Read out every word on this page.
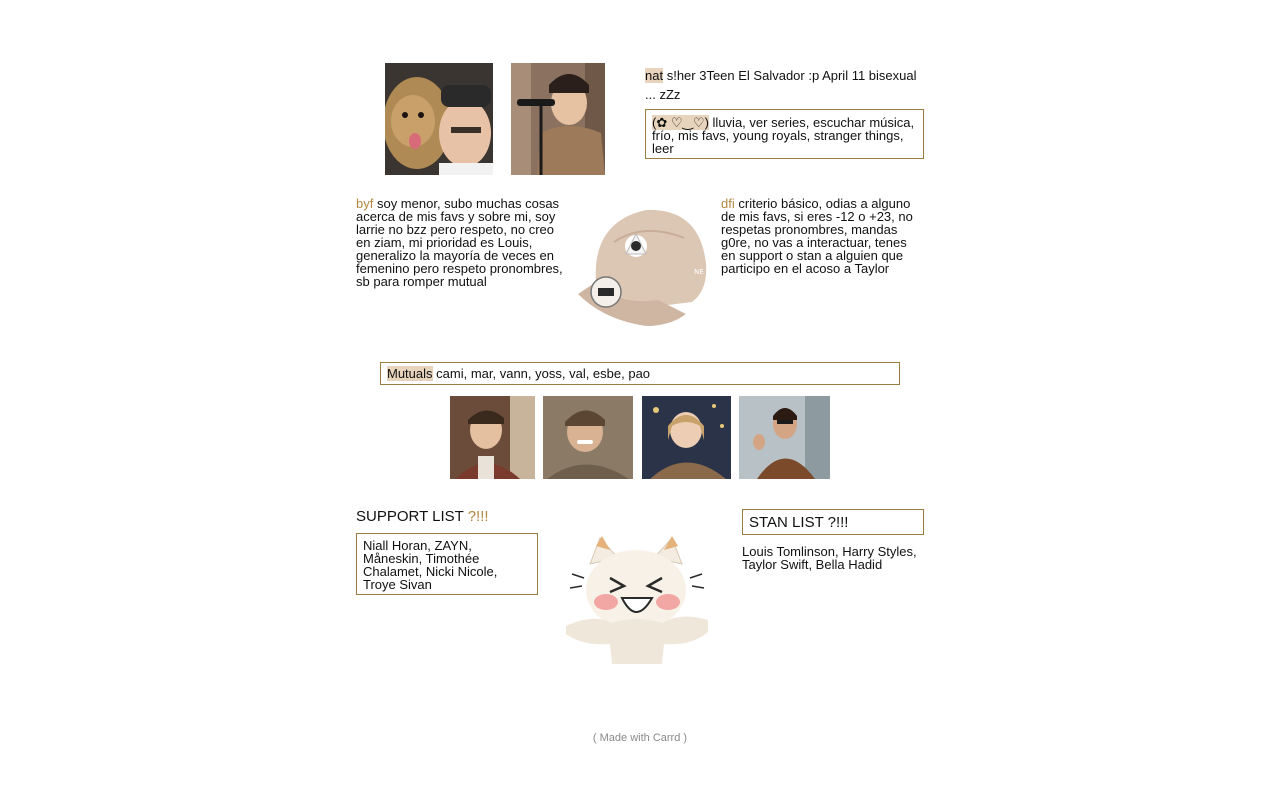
nat s!her 3Teen El Salvador :p April 11 bisexual ... zZz
(✿ ♡‿♡) lluvia, ver series, escuchar música, frío, mis favs, young royals, stranger things, leer
byf soy menor, subo muchas cosas acerca de mis favs y sobre mi, soy larrie no bzz pero respeto, no creo en ziam, mi prioridad es Louis, generalizo la mayoría de veces en femenino pero respeto pronombres, sb para romper mutual
NE
dfi criterio básico, odias a alguno de mis favs, si eres -12 o +23, no respetas pronombres, mandas g0re, no vas a interactuar, tenes en support o stan a alguien que participo en el acoso a Taylor
Mutuals cami, mar, vann, yoss, val, esbe, pao
SUPPORT LIST ?!!!
Niall Horan, ZAYN, Måneskin, Timothée Chalamet, Nicki Nicole, Troye Sivan
STAN LIST ?!!!
Louis Tomlinson, Harry Styles, Taylor Swift, Bella Hadid
( Made with Carrd )
